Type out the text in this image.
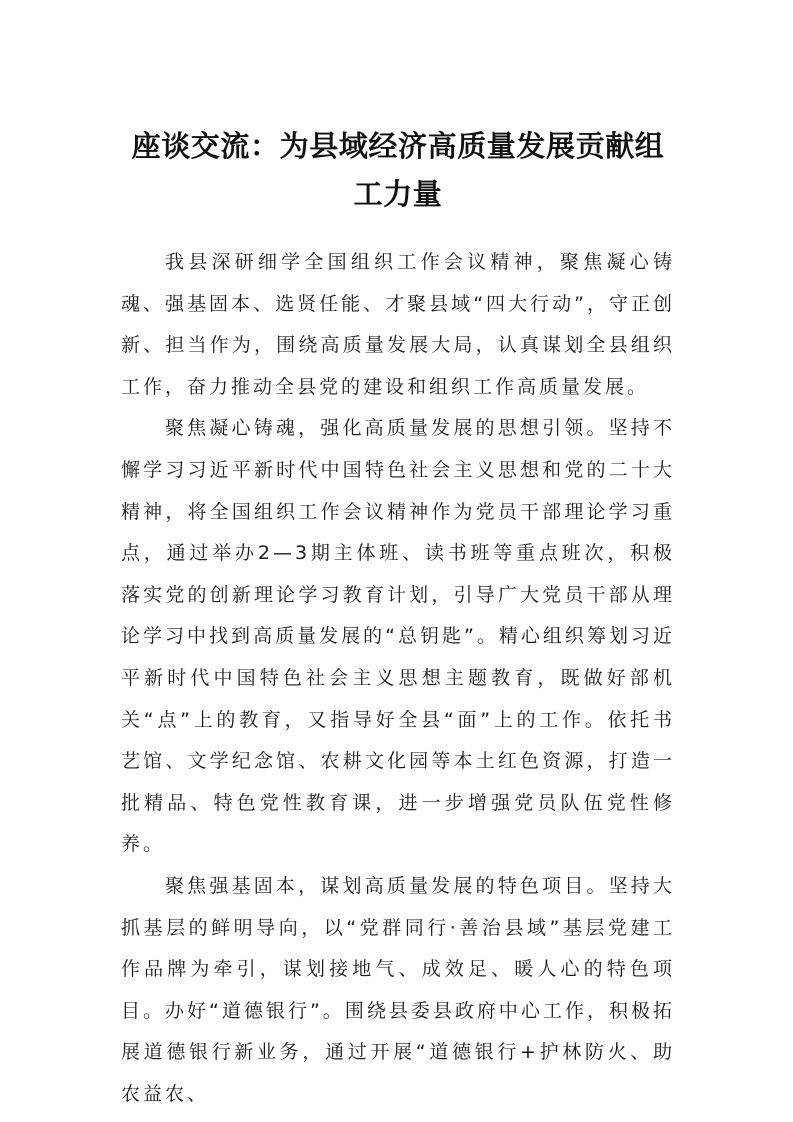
座谈交流：为县域经济高质量发展贡献组工力量

我县深研细学全国组织工作会议精神，聚焦凝心铸魂、强基固本、选贤任能、才聚县域“四大行动”，守正创新、担当作为，围绕高质量发展大局，认真谋划全县组织工作，奋力推动全县党的建设和组织工作高质量发展。

聚焦凝心铸魂，强化高质量发展的思想引领。坚持不懈学习习近平新时代中国特色社会主义思想和党的二十大精神，将全国组织工作会议精神作为党员干部理论学习重点，通过举办2—3期主体班、读书班等重点班次，积极落实党的创新理论学习教育计划，引导广大党员干部从理论学习中找到高质量发展的“总钥匙”。精心组织筹划习近平新时代中国特色社会主义思想主题教育，既做好部机关“点”上的教育，又指导好全县“面”上的工作。依托书艺馆、文学纪念馆、农耕文化园等本土红色资源，打造一批精品、特色党性教育课，进一步增强党员队伍党性修养。

聚焦强基固本，谋划高质量发展的特色项目。坚持大抓基层的鲜明导向，以“党群同行·善治县域”基层党建工作品牌为牵引，谋划接地气、成效足、暖人心的特色项目。办好“道德银行”。围绕县委县政府中心工作，积极拓展道德银行新业务，通过开展“道德银行+护林防火、助农益农、
